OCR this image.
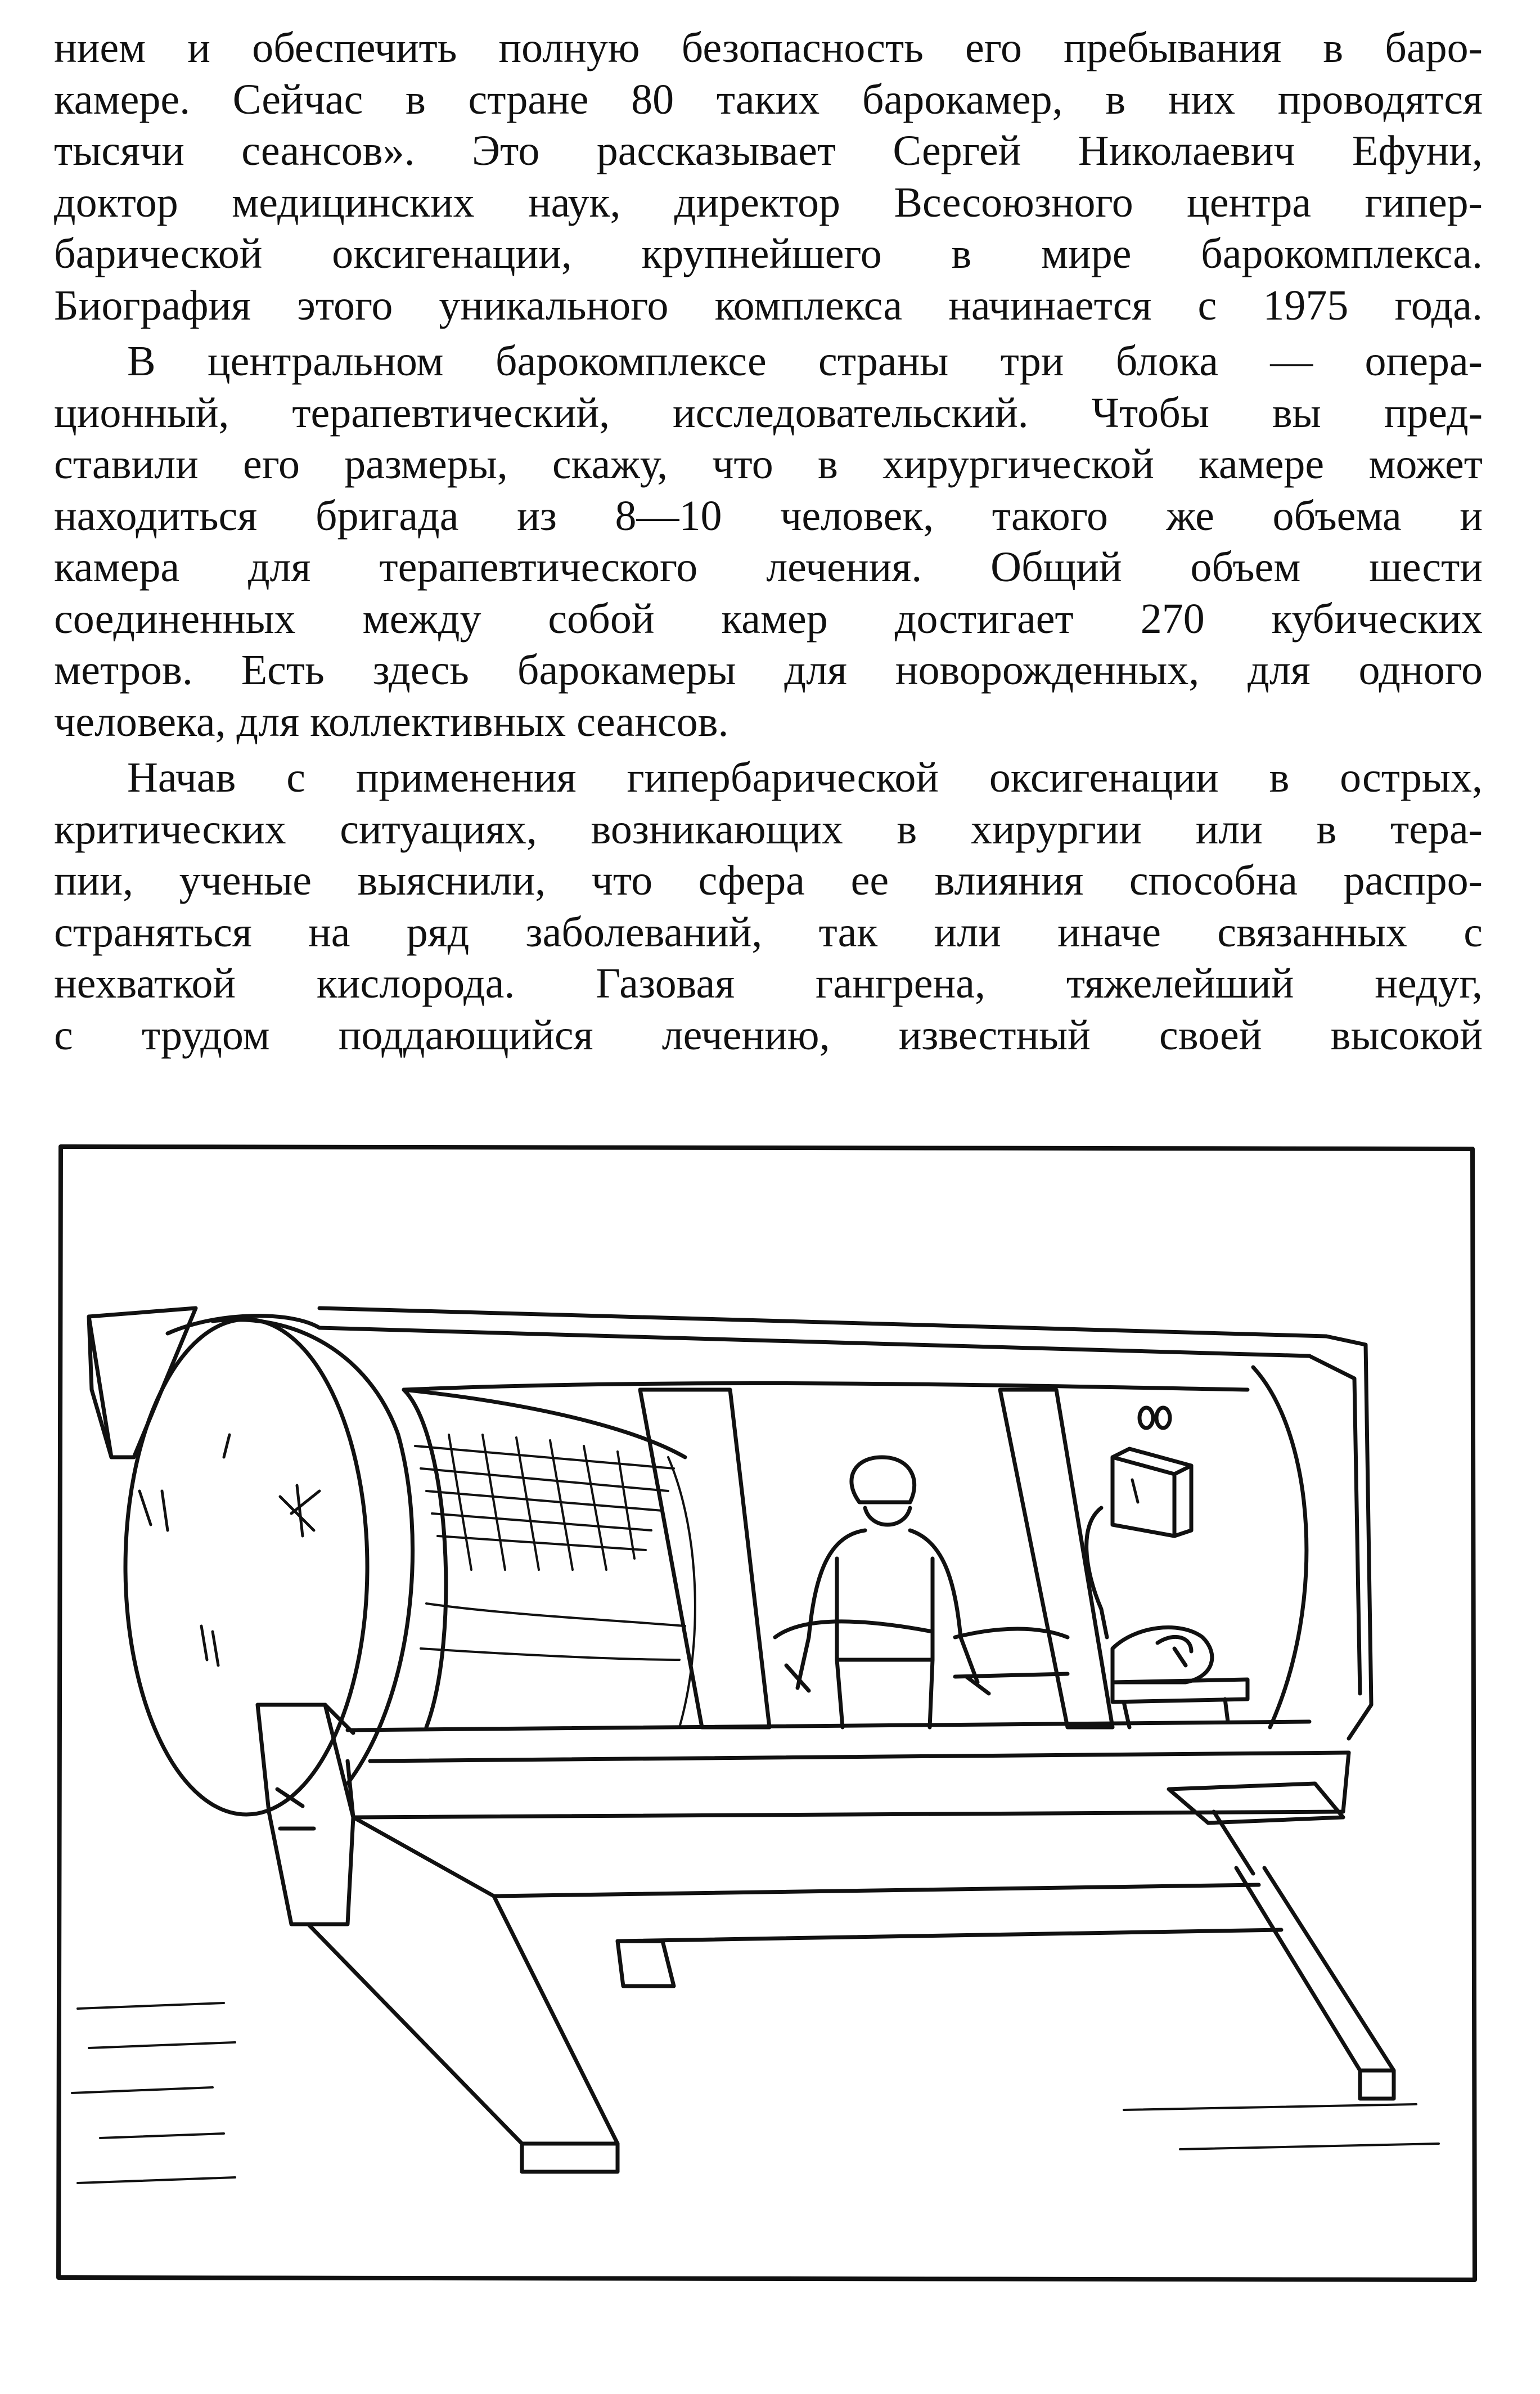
нием и обеспечить полную безопасность его пребывания в баро-
камере. Сейчас в стране 80 таких барокамер, в них проводятся
тысячи сеансов». Это рассказывает Сергей Николаевич Ефуни,
доктор медицинских наук, директор Всесоюзного центра гипер-
барической оксигенации, крупнейшего в мире барокомплекса.
Биография этого уникального комплекса начинается с 1975 года.

В центральном барокомплексе страны три блока — опера-
ционный, терапевтический, исследовательский. Чтобы вы пред-
ставили его размеры, скажу, что в хирургической камере может
находиться бригада из 8—10 человек, такого же объема и
камера для терапевтического лечения. Общий объем шести
соединенных между собой камер достигает 270 кубических
метров. Есть здесь барокамеры для новорожденных, для одного
человека, для коллективных сеансов.

Начав с применения гипербарической оксигенации в острых,
критических ситуациях, возникающих в хирургии или в тера-
пии, ученые выяснили, что сфера ее влияния способна распро-
страняться на ряд заболеваний, так или иначе связанных с
нехваткой кислорода. Газовая гангрена, тяжелейший недуг,
с трудом поддающийся лечению, известный своей высокой
